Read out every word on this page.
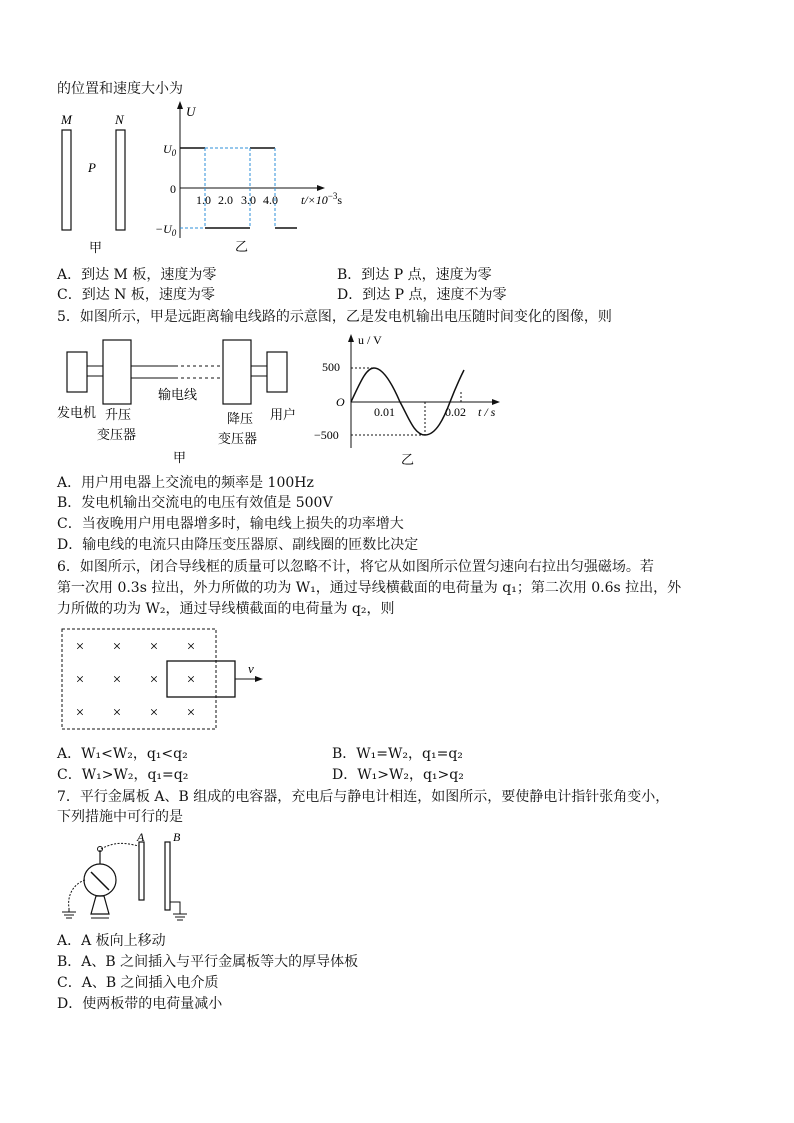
的位置和速度大小为
M	N
P
甲
U
$U_0$
0
$-U_0$
1.0 2.0 3.0 4.0 $t/\times 10^{-3}s$
乙
A．到达 M 板，速度为零	B．到达 P 点，速度为零
C．到达 N 板，速度为零	D．到达 P 点，速度不为零
5．如图所示，甲是远距离输电线路的示意图，乙是发电机输出电压随时间变化的图像，则
输电线
发电机 升压
变压器
降压
变压器
用户
甲
u / V
500
−500
O
0.01	0.02 t / s
乙
A．用户用电器上交流电的频率是 100Hz
B．发电机输出交流电的电压有效值是 500V
C．当夜晚用户用电器增多时，输电线上损失的功率增大
D．输电线的电流只由降压变压器原、副线圈的匝数比决定
6．如图所示，闭合导线框的质量可以忽略不计，将它从如图所示位置匀速向右拉出匀强磁场。若
第一次用 0.3s 拉出，外力所做的功为 W₁，通过导线横截面的电荷量为 q₁；第二次用 0.6s 拉出，外
力所做的功为 W₂，通过导线横截面的电荷量为 q₂，则
v
× × × ×
× × × ×
× × × ×
A．W₁<W₂，q₁<q₂	B．W₁=W₂，q₁=q₂
C．W₁>W₂，q₁=q₂	D．W₁>W₂，q₁>q₂
7．平行金属板 A、B 组成的电容器，充电后与静电计相连，如图所示，要使静电计指针张角变小，
下列措施中可行的是
A B
A．A 板向上移动
B．A、B 之间插入与平行金属板等大的厚导体板
C．A、B 之间插入电介质
D．使两板带的电荷量减小
